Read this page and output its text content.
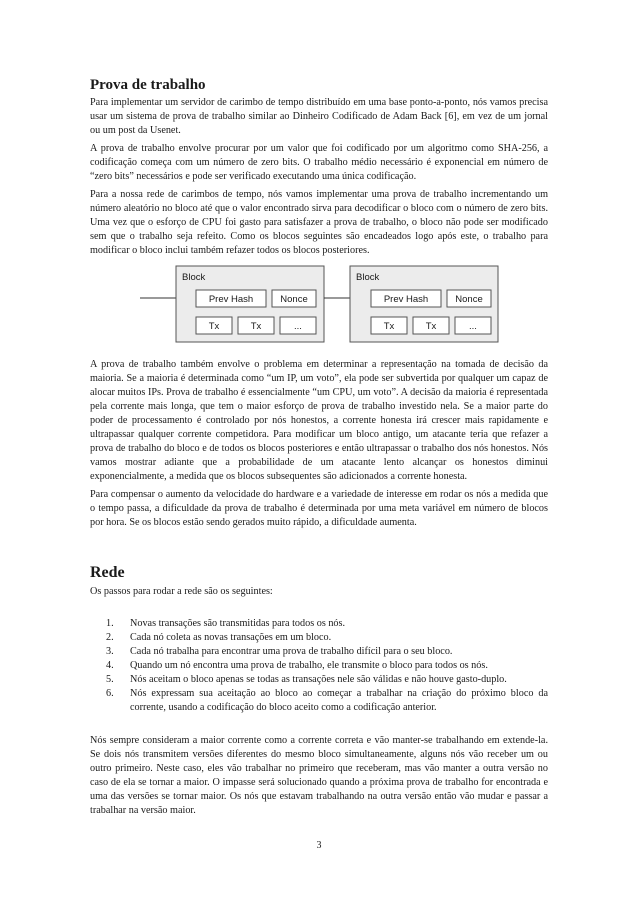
Prova de trabalho

Para implementar um servidor de carimbo de tempo distribuído em uma base ponto-a-ponto, nós vamos precisa usar um sistema de prova de trabalho similar ao Dinheiro Codificado de Adam Back [6], em vez de um jornal ou um post da Usenet.

A prova de trabalho envolve procurar por um valor que foi codificado por um algoritmo como SHA-256, a codificação começa com um número de zero bits. O trabalho médio necessário é exponencial em número de “zero bits” necessários e pode ser verificado executando uma única codificação.

Para a nossa rede de carimbos de tempo, nós vamos implementar uma prova de trabalho incrementando um número aleatório no bloco até que o valor encontrado sirva para decodificar o bloco com o número de zero bits. Uma vez que o esforço de CPU foi gasto para satisfazer a prova de trabalho, o bloco não pode ser modificado sem que o trabalho seja refeito. Como os blocos seguintes são encadeados logo após este, o trabalho para modificar o bloco inclui também refazer todos os blocos posteriores.

Block
Prev Hash	Nonce
Tx	Tx	...
Block
Prev Hash	Nonce
Tx	Tx	...

A prova de trabalho também envolve o problema em determinar a representação na tomada de decisão da maioria. Se a maioria é determinada como “um IP, um voto”, ela pode ser subvertida por qualquer um capaz de alocar muitos IPs. Prova de trabalho é essencialmente “um CPU, um voto”. A decisão da maioria é representada pela corrente mais longa, que tem o maior esforço de prova de trabalho investido nela. Se a maior parte do poder de processamento é controlado por nós honestos, a corrente honesta irá crescer mais rapidamente e ultrapassar qualquer corrente competidora. Para modificar um bloco antigo, um atacante teria que refazer a prova de trabalho do bloco e de todos os blocos posteriores e então ultrapassar o trabalho dos nós honestos. Nós vamos mostrar adiante que a probabilidade de um atacante lento alcançar os honestos diminui exponencialmente, a medida que os blocos subsequentes são adicionados a corrente honesta.

Para compensar o aumento da velocidade do hardware e a variedade de interesse em rodar os nós a medida que o tempo passa, a dificuldade da prova de trabalho é determinada por uma meta variável em número de blocos por hora. Se os blocos estão sendo gerados muito rápido, a dificuldade aumenta.

Rede

Os passos para rodar a rede são os seguintes:

1. Novas transações são transmitidas para todos os nós.
2. Cada nó coleta as novas transações em um bloco.
3. Cada nó trabalha para encontrar uma prova de trabalho difícil para o seu bloco.
4. Quando um nó encontra uma prova de trabalho, ele transmite o bloco para todos os nós.
5. Nós aceitam o bloco apenas se todas as transações nele são válidas e não houve gasto-duplo.
6. Nós expressam sua aceitação ao bloco ao começar a trabalhar na criação do próximo bloco da corrente, usando a codificação do bloco aceito como a codificação anterior.

Nós sempre consideram a maior corrente como a corrente correta e vão manter-se trabalhando em extende-la. Se dois nós transmitem versões diferentes do mesmo bloco simultaneamente, alguns nós vão receber um ou outro primeiro. Neste caso, eles vão trabalhar no primeiro que receberam, mas vão manter a outra versão no caso de ela se tornar a maior. O impasse será solucionado quando a próxima prova de trabalho for encontrada e uma das versões se tornar maior. Os nós que estavam trabalhando na outra versão então vão mudar e passar a trabalhar na versão maior.

3
